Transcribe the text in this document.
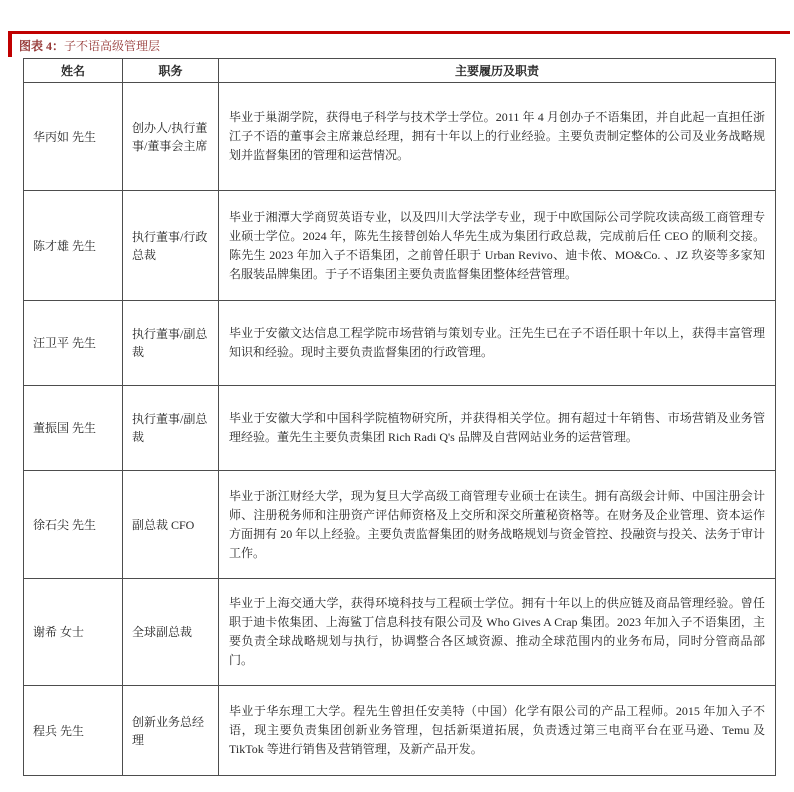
图表 4： 子不语高级管理层
姓名	职务	主要履历及职责
华丙如 先生	创办人/执行董事/董事会主席	毕业于巢湖学院，获得电子科学与技术学士学位。2011 年 4 月创办子不语集团，并自此起一直担任浙江子不语的董事会主席兼总经理，拥有十年以上的行业经验。主要负责制定整体的公司及业务战略规划并监督集团的管理和运营情况。
陈才雄 先生	执行董事/行政总裁	毕业于湘潭大学商贸英语专业，以及四川大学法学专业，现于中欧国际公司学院攻读高级工商管理专业硕士学位。2024 年，陈先生接替创始人华先生成为集团行政总裁，完成前后任 CEO 的顺利交接。陈先生 2023 年加入子不语集团，之前曾任职于 Urban Revivo、迪卡侬、MO&Co. 、JZ 玖姿等多家知名服装品牌集团。于子不语集团主要负责监督集团整体经营管理。
汪卫平 先生	执行董事/副总裁	毕业于安徽文达信息工程学院市场营销与策划专业。汪先生已在子不语任职十年以上，获得丰富管理知识和经验。现时主要负责监督集团的行政管理。
董振国 先生	执行董事/副总裁	毕业于安徽大学和中国科学院植物研究所，并获得相关学位。拥有超过十年销售、市场营销及业务管理经验。董先生主要负责集团 Rich Radi Q's 品牌及自营网站业务的运营管理。
徐石尖 先生	副总裁 CFO	毕业于浙江财经大学，现为复旦大学高级工商管理专业硕士在读生。拥有高级会计师、中国注册会计师、注册税务师和注册资产评估师资格及上交所和深交所董秘资格等。在财务及企业管理、资本运作方面拥有 20 年以上经验。主要负责监督集团的财务战略规划与资金管控、投融资与投关、法务于审计工作。
谢希 女士	全球副总裁	毕业于上海交通大学，获得环境科技与工程硕士学位。拥有十年以上的供应链及商品管理经验。曾任职于迪卡侬集团、上海鲨丁信息科技有限公司及 Who Gives A Crap 集团。2023 年加入子不语集团，主要负责全球战略规划与执行，协调整合各区域资源、推动全球范围内的业务布局，同时分管商品部门。
程兵 先生	创新业务总经理	毕业于华东理工大学。程先生曾担任安美特（中国）化学有限公司的产品工程师。2015 年加入子不语，现主要负责集团创新业务管理，包括新渠道拓展，负责透过第三电商平台在亚马逊、Temu 及 TikTok 等进行销售及营销管理，及新产品开发。
